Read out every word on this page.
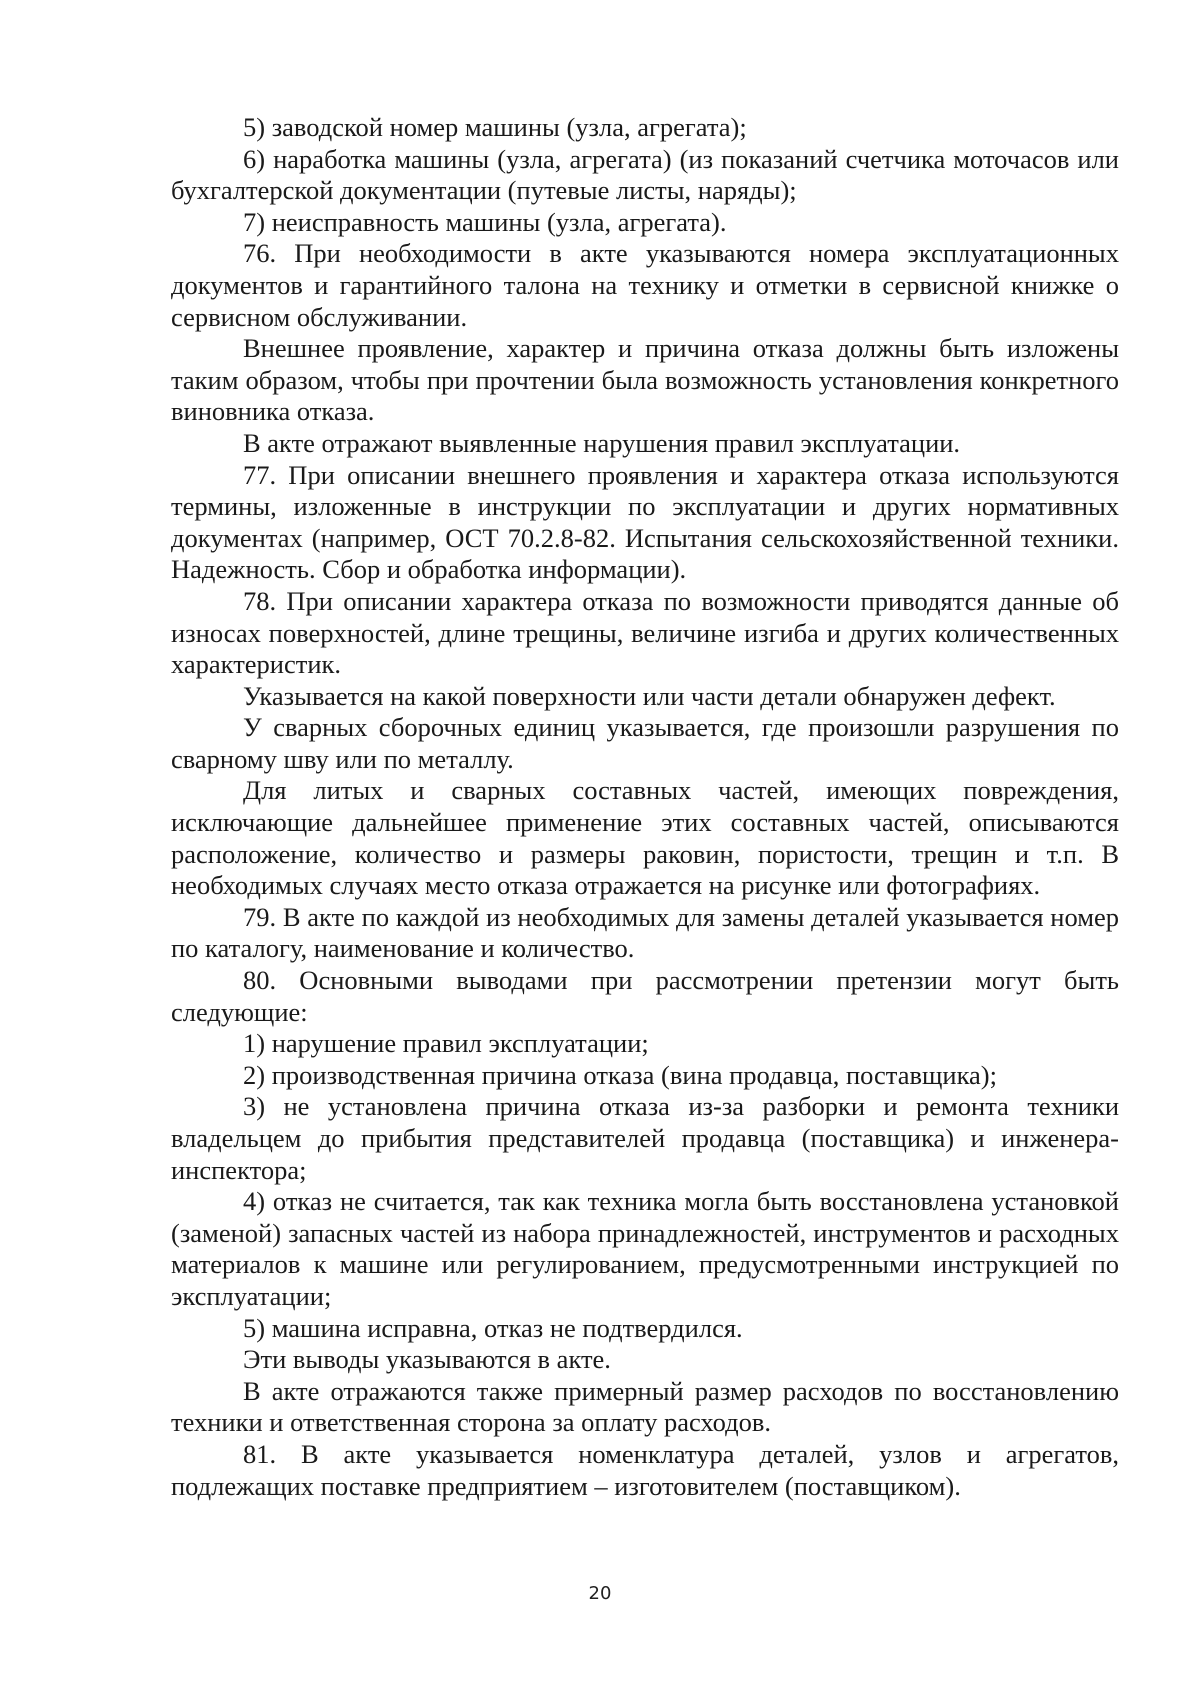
5) заводской номер машины (узла, агрегата);

6) наработка машины (узла, агрегата) (из показаний счетчика моточасов или бухгалтерской документации (путевые листы, наряды);

7) неисправность машины (узла, агрегата).

76. При необходимости в акте указываются номера эксплуатационных документов и гарантийного талона на технику и отметки в сервисной книжке о сервисном обслуживании.

Внешнее проявление, характер и причина отказа должны быть изложены таким образом, чтобы при прочтении была возможность установления конкретного виновника отказа.

В акте отражают выявленные нарушения правил эксплуатации.

77. При описании внешнего проявления и характера отказа используются термины, изложенные в инструкции по эксплуатации и других нормативных документах (например, ОСТ 70.2.8-82. Испытания сельскохозяйственной техники. Надежность. Сбор и обработка информации).

78. При описании характера отказа по возможности приводятся данные об износах поверхностей, длине трещины, величине изгиба и других количественных характеристик.

Указывается на какой поверхности или части детали обнаружен дефект.

У сварных сборочных единиц указывается, где произошли разрушения по сварному шву или по металлу.

Для литых и сварных составных частей, имеющих повреждения, исключающие дальнейшее применение этих составных частей, описываются расположение, количество и размеры раковин, пористости, трещин и т.п. В необходимых случаях место отказа отражается на рисунке или фотографиях.

79. В акте по каждой из необходимых для замены деталей указывается номер по каталогу, наименование и количество.

80. Основными выводами при рассмотрении претензии могут быть следующие:

1) нарушение правил эксплуатации;

2) производственная причина отказа (вина продавца, поставщика);

3) не установлена причина отказа из-за разборки и ремонта техники владельцем до прибытия представителей продавца (поставщика) и инженера-инспектора;

4) отказ не считается, так как техника могла быть восстановлена установкой (заменой) запасных частей из набора принадлежностей, инструментов и расходных материалов к машине или регулированием, предусмотренными инструкцией по эксплуатации;

5) машина исправна, отказ не подтвердился.

Эти выводы указываются в акте.

В акте отражаются также примерный размер расходов по восстановлению техники и ответственная сторона за оплату расходов.

81. В акте указывается номенклатура деталей, узлов и агрегатов, подлежащих поставке предприятием – изготовителем (поставщиком).

20
